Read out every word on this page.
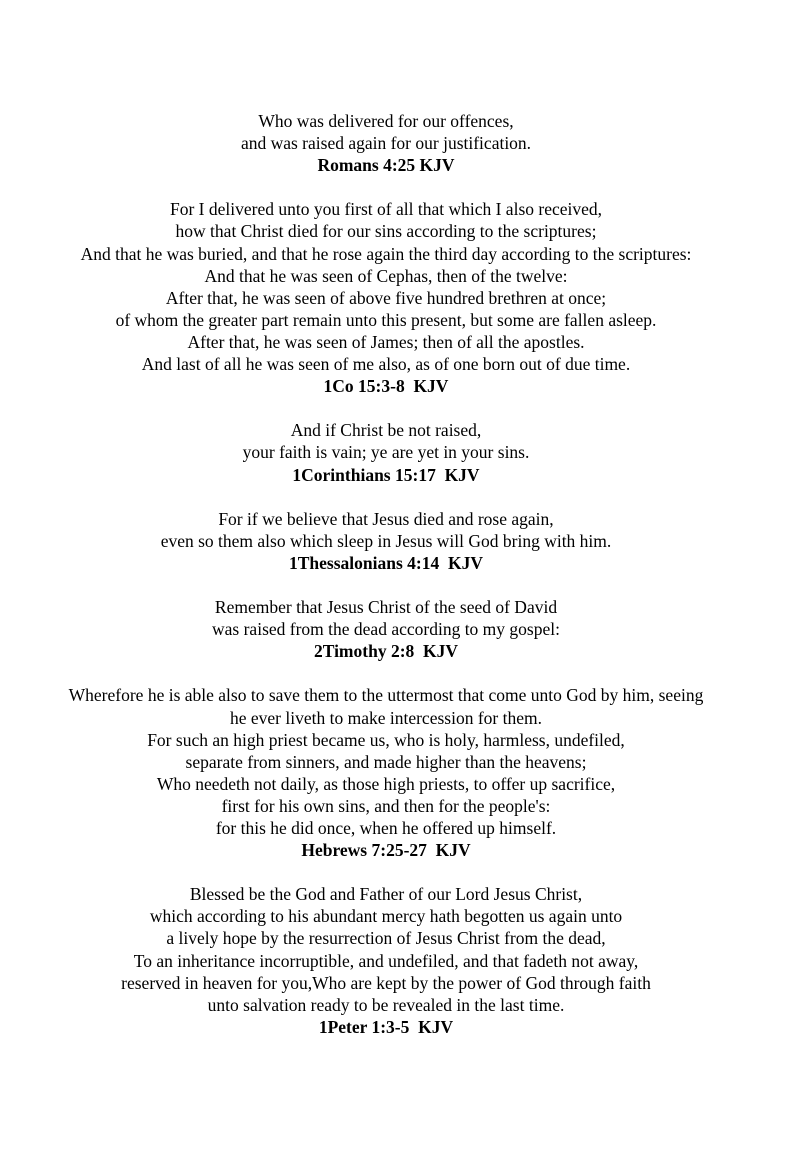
Who was delivered for our offences,
and was raised again for our justification.
Romans 4:25 KJV
For I delivered unto you first of all that which I also received,
how that Christ died for our sins according to the scriptures;
And that he was buried, and that he rose again the third day according to the scriptures:
And that he was seen of Cephas, then of the twelve:
After that, he was seen of above five hundred brethren at once;
of whom the greater part remain unto this present, but some are fallen asleep.
After that, he was seen of James; then of all the apostles.
And last of all he was seen of me also, as of one born out of due time.
1Co 15:3-8  KJV
And if Christ be not raised,
your faith is vain; ye are yet in your sins.
1Corinthians 15:17  KJV
For if we believe that Jesus died and rose again,
even so them also which sleep in Jesus will God bring with him.
1Thessalonians 4:14  KJV
Remember that Jesus Christ of the seed of David
was raised from the dead according to my gospel:
2Timothy 2:8  KJV
Wherefore he is able also to save them to the uttermost that come unto God by him, seeing
he ever liveth to make intercession for them.
For such an high priest became us, who is holy, harmless, undefiled,
separate from sinners, and made higher than the heavens;
Who needeth not daily, as those high priests, to offer up sacrifice,
first for his own sins, and then for the people's:
for this he did once, when he offered up himself.
Hebrews 7:25-27  KJV
Blessed be the God and Father of our Lord Jesus Christ,
which according to his abundant mercy hath begotten us again unto
a lively hope by the resurrection of Jesus Christ from the dead,
To an inheritance incorruptible, and undefiled, and that fadeth not away,
reserved in heaven for you,Who are kept by the power of God through faith
unto salvation ready to be revealed in the last time.
1Peter 1:3-5  KJV
